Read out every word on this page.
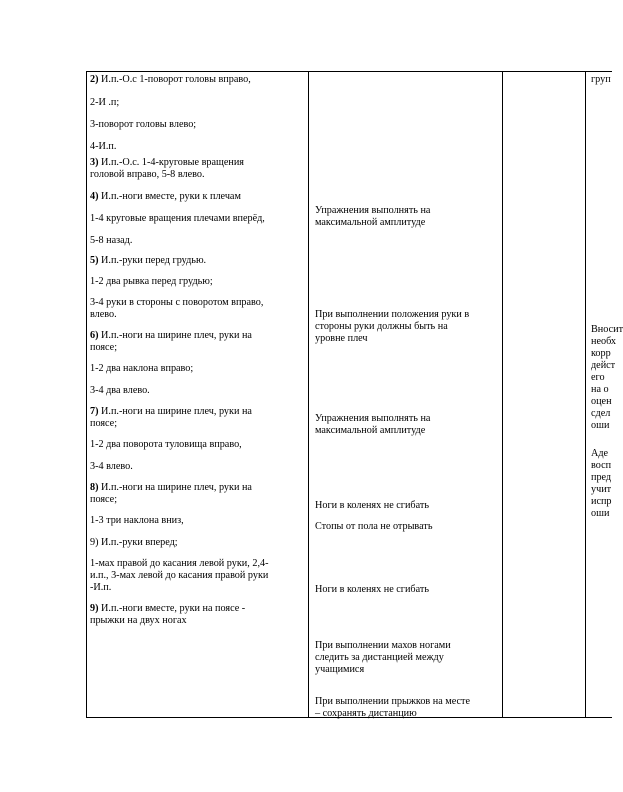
2) И.п.-О.с 1-поворот головы вправо,
2-И .п;
3-поворот головы влево;
4-И.п.
3) И.п.-О.с. 1-4-круговые вращения
головой вправо, 5-8 влево.
4) И.п.-ноги вместе, руки к плечам
1-4 круговые вращения плечами вперёд,
5-8 назад.
5) И.п.-руки перед грудью.
1-2 два рывка перед грудью;
3-4 руки в стороны с поворотом вправо,
влево.
6) И.п.-ноги на ширине плеч, руки на
поясе;
1-2 два наклона вправо;
3-4 два влево.
7) И.п.-ноги на ширине плеч, руки на
поясе;
1-2 два поворота туловища вправо,
3-4 влево.
8) И.п.-ноги на ширине плеч, руки на
поясе;
1-3 три наклона вниз,
9) И.п.-руки вперед;
1-мах правой до касания левой руки, 2,4-
и.п., 3-мах левой до касания правой руки
-И.п.
9) И.п.-ноги вместе, руки на поясе -
прыжки на двух ногах
Упражнения выполнять на
максимальной амплитуде
При выполнении положения руки в
стороны руки должны быть на
уровне плеч
Упражнения выполнять на
максимальной амплитуде
Ноги в коленях не сгибать
Стопы от пола не отрывать
Ноги в коленях не сгибать
При выполнении махов ногами
следить за дистанцией между
учащимися
При выполнении прыжков на месте
– сохранять дистанцию
груп
Вносит
необх
корр
дейст
его
на о
оцен
сдел
оши
Аде
восп
пред
учит
испр
оши
